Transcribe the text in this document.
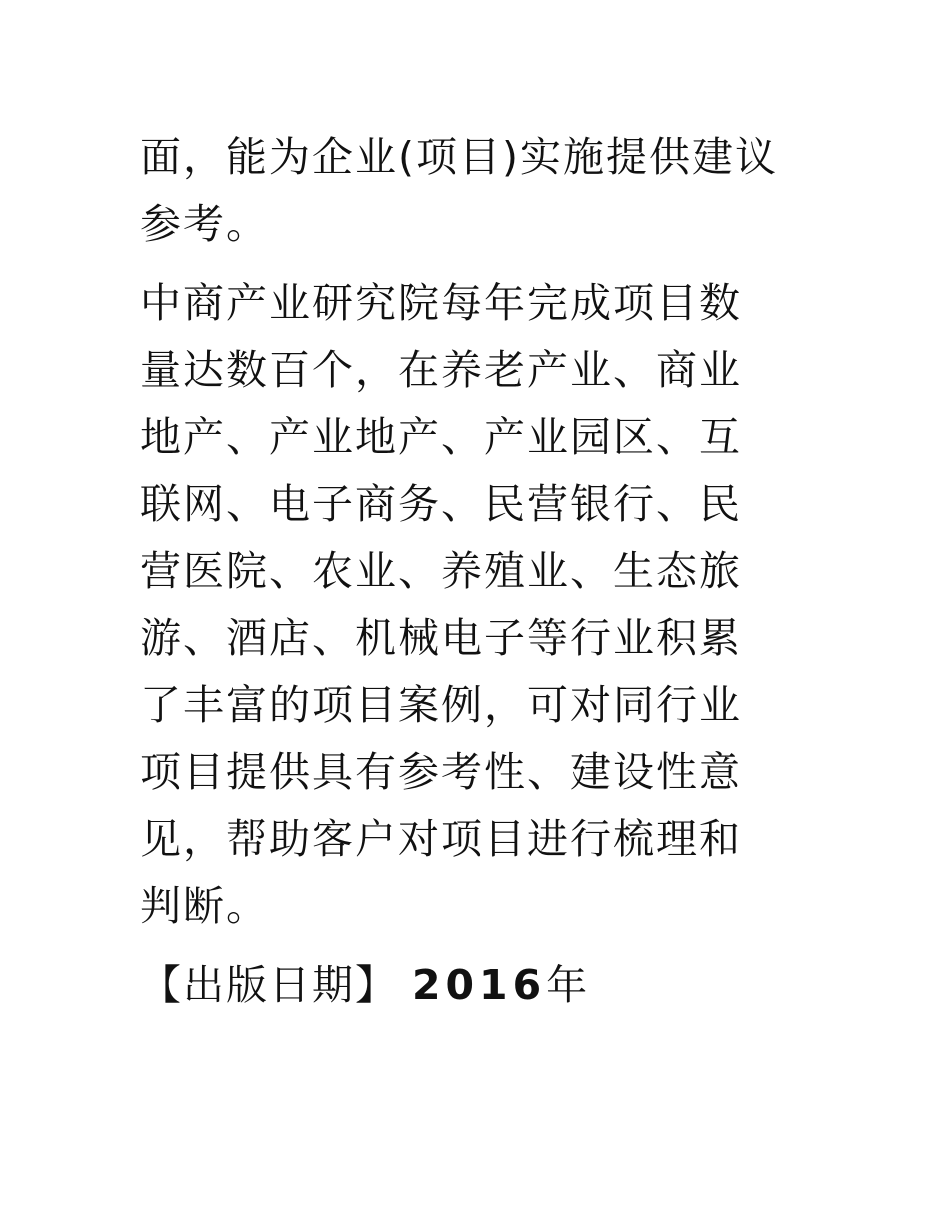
面，能为企业(项目)实施提供建议
参考。

中商产业研究院每年完成项目数
量达数百个，在养老产业、商业
地产、产业地产、产业园区、互
联网、电子商务、民营银行、民
营医院、农业、养殖业、生态旅
游、酒店、机械电子等行业积累
了丰富的项目案例，可对同行业
项目提供具有参考性、建设性意
见，帮助客户对项目进行梳理和
判断。

【出版日期】 2016年
